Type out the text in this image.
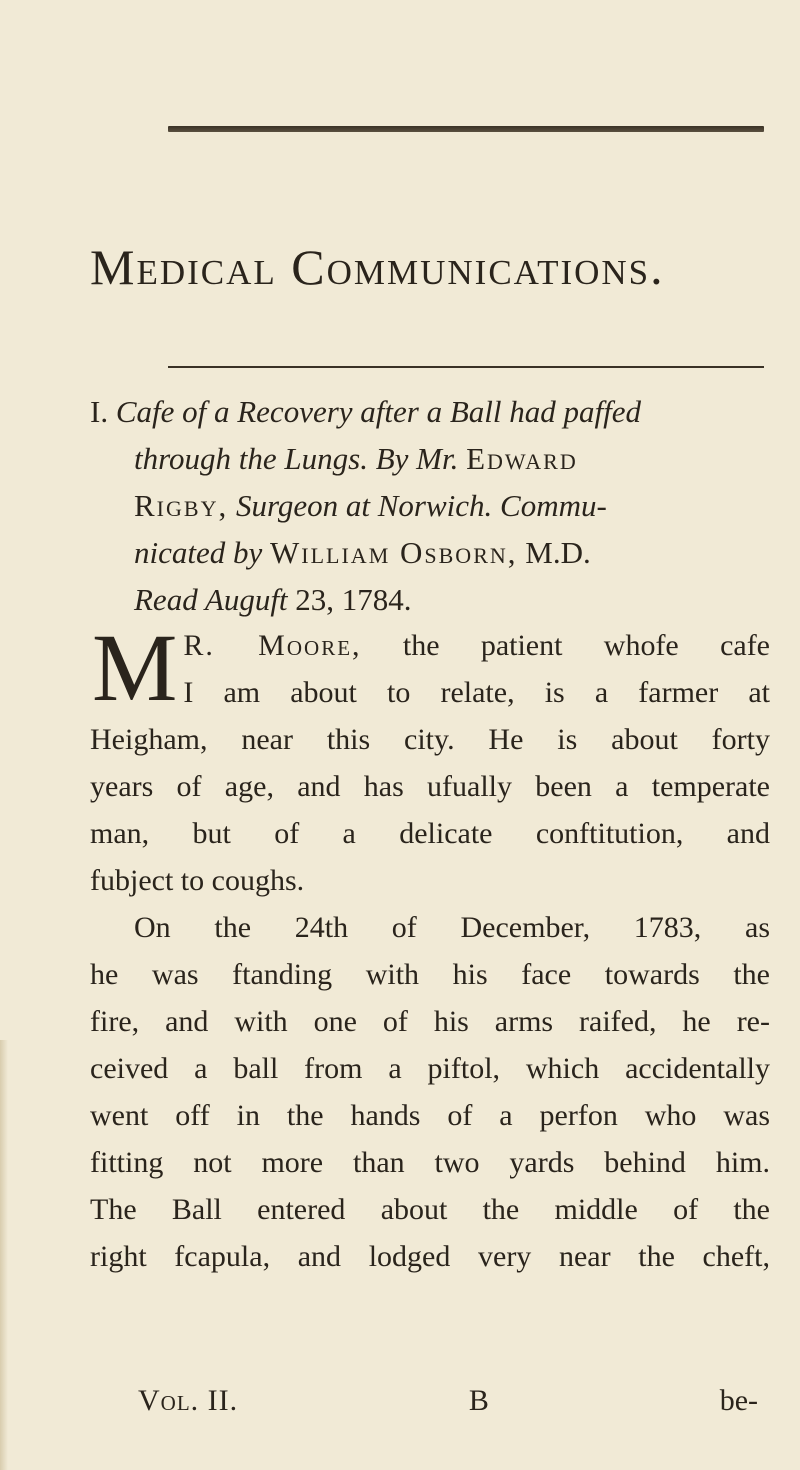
Medical Communications.
I. Cafe of a Recovery after a Ball had paffed
through the Lungs. By Mr. Edward
Rigby, Surgeon at Norwich. Commu-
nicated by William Osborn, M.D.
Read Auguft 23, 1784.
M R. Moore, the patient whofe cafe
I am about to relate, is a farmer at
Heigham, near this city. He is about forty
years of age, and has ufually been a temperate
man, but of a delicate conftitution, and
fubject to coughs.
On the 24th of December, 1783, as
he was ftanding with his face towards the
fire, and with one of his arms raifed, he re-
ceived a ball from a piftol, which accidentally
went off in the hands of a perfon who was
fitting not more than two yards behind him.
The Ball entered about the middle of the
right fcapula, and lodged very near the cheft,
Vol. II.	B	be-
